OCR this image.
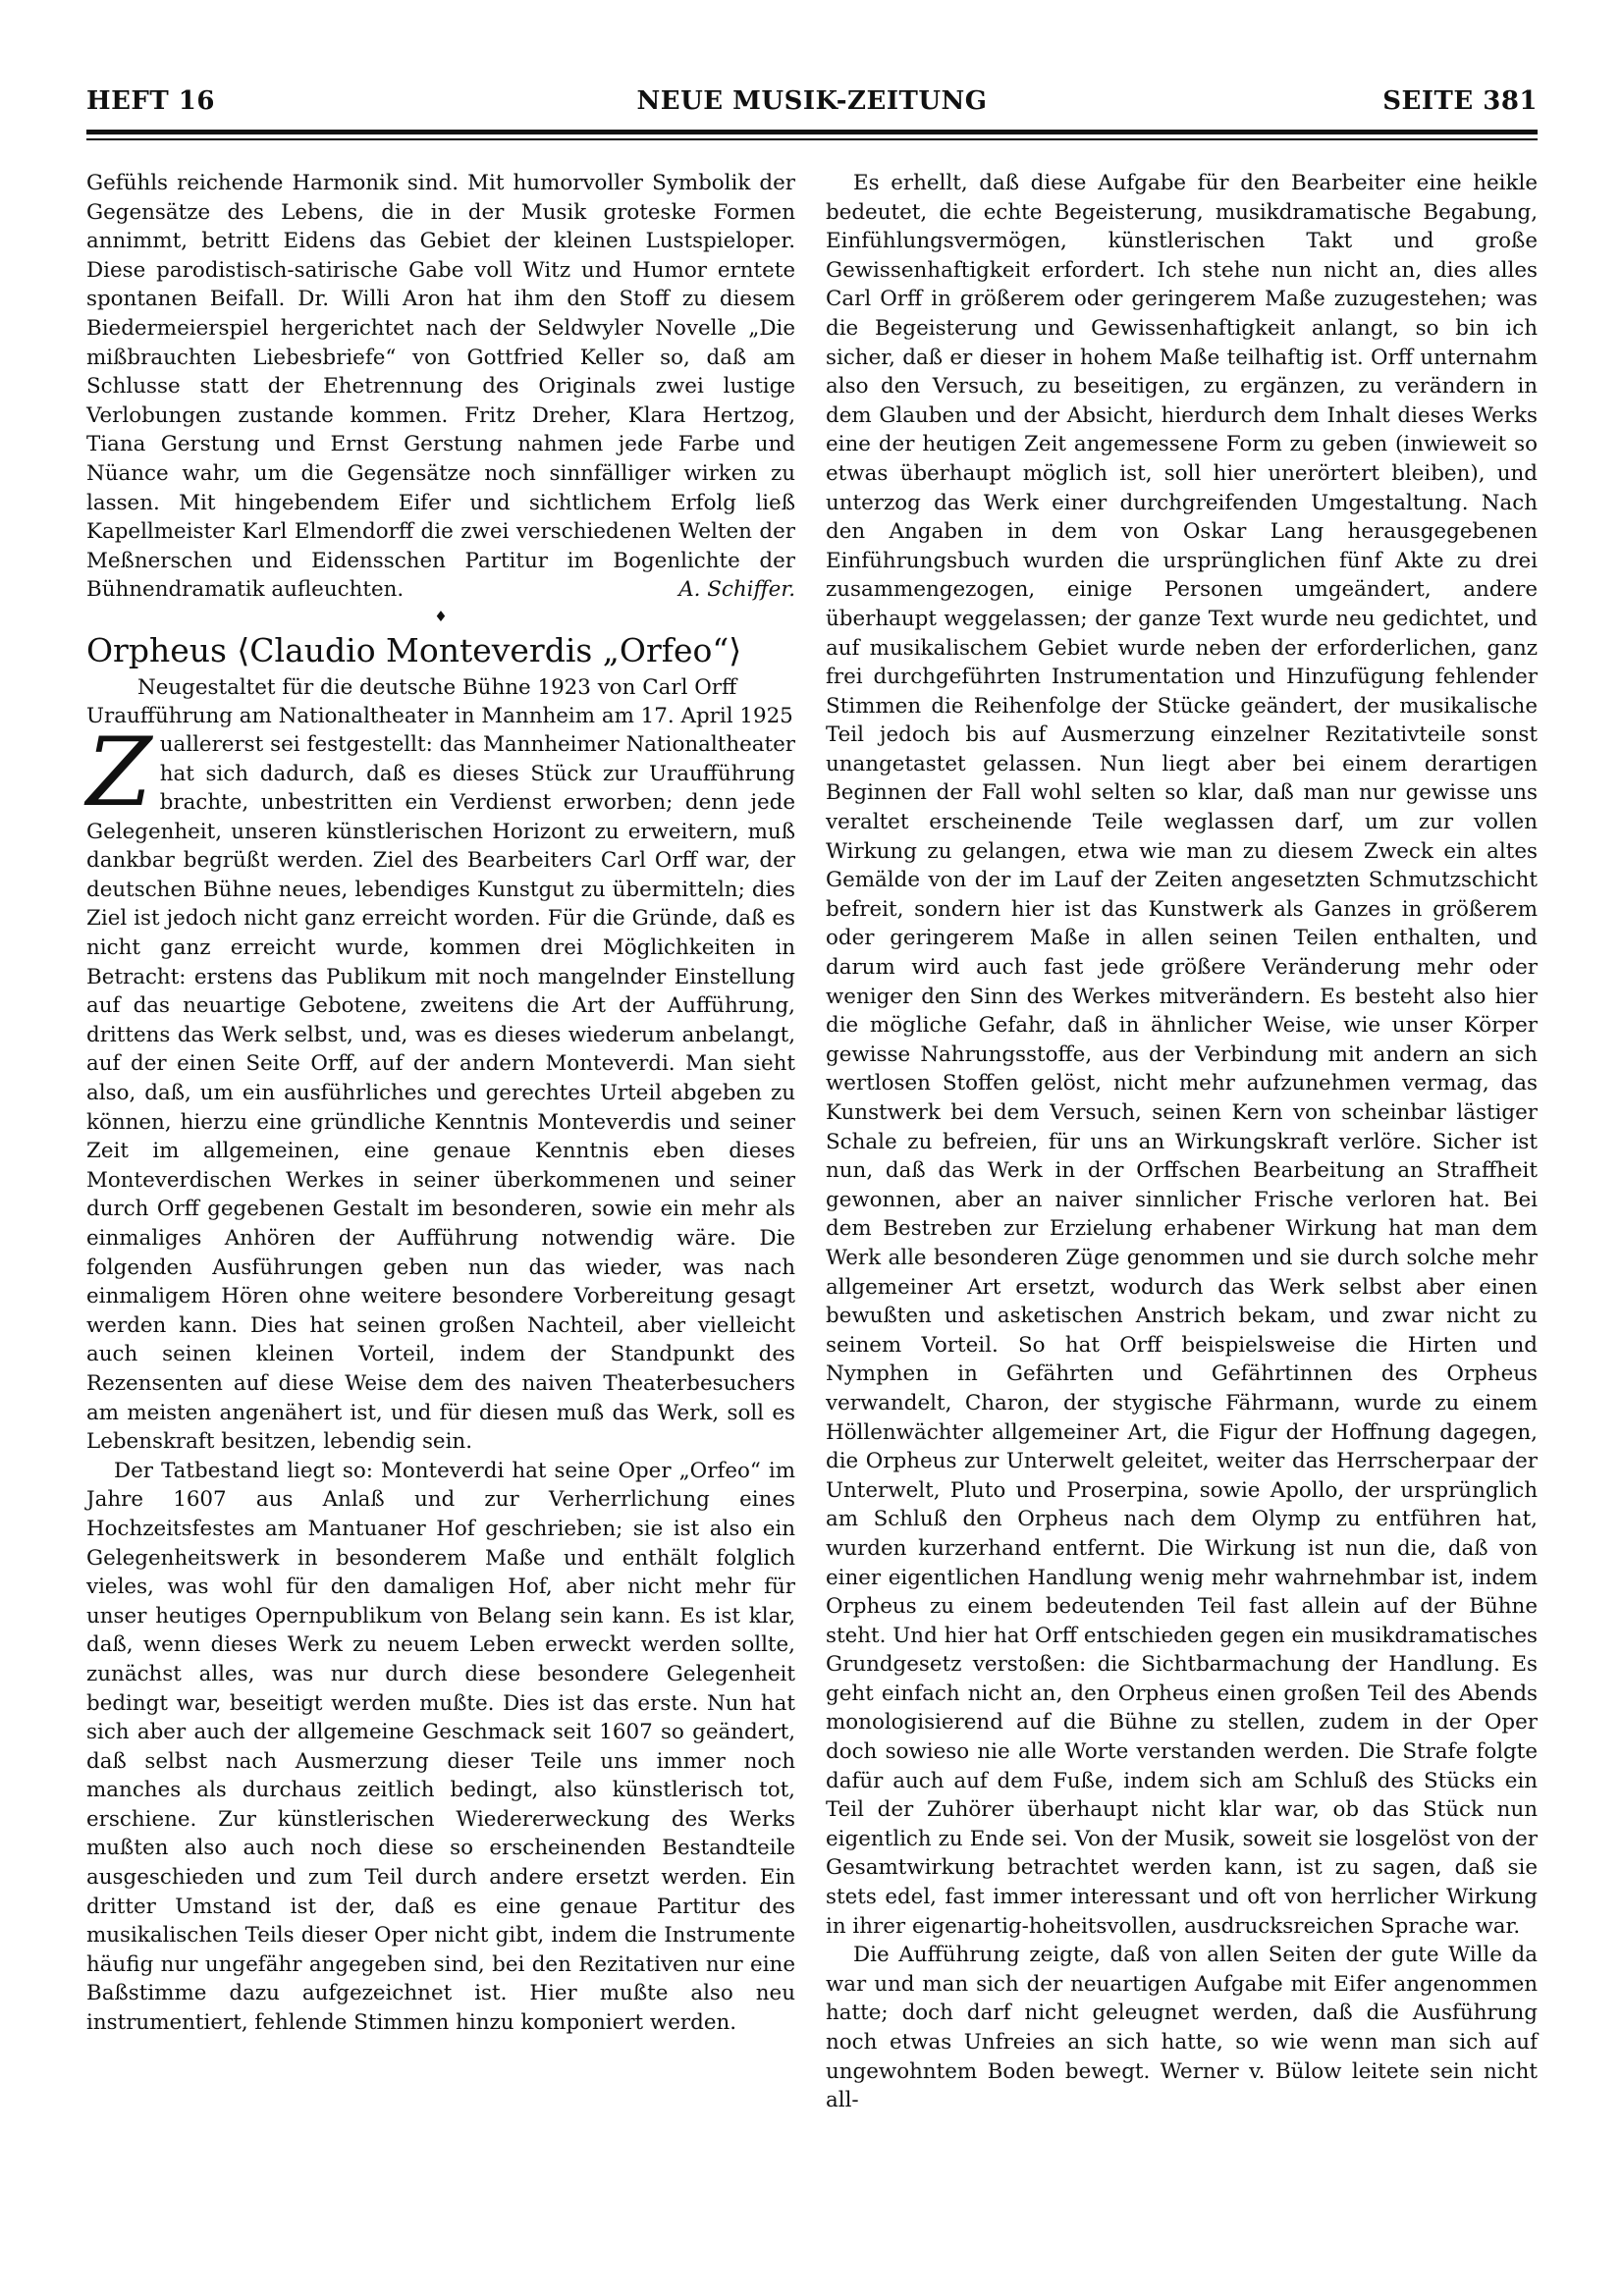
HEFT 16	NEUE MUSIK-ZEITUNG	SEITE 381

Gefühls reichende Harmonik sind. Mit humorvoller Symbolik der Gegensätze des Lebens, die in der Musik groteske Formen annimmt, betritt Eidens das Gebiet der kleinen Lustspieloper. Diese parodistisch-satirische Gabe voll Witz und Humor erntete spontanen Beifall. Dr. Willi Aron hat ihm den Stoff zu diesem Biedermeierspiel hergerichtet nach der Seldwyler Novelle „Die mißbrauchten Liebesbriefe“ von Gottfried Keller so, daß am Schlusse statt der Ehetrennung des Originals zwei lustige Verlobungen zustande kommen. Fritz Dreher, Klara Hertzog, Tiana Gerstung und Ernst Gerstung nahmen jede Farbe und Nüance wahr, um die Gegensätze noch sinnfälliger wirken zu lassen. Mit hingebendem Eifer und sichtlichem Erfolg ließ Kapellmeister Karl Elmendorff die zwei verschiedenen Welten der Meßnerschen und Eidensschen Partitur im Bogenlichte der Bühnendramatik aufleuchten.	A. Schiffer.

♦
Orpheus ⟨Claudio Monteverdis „Orfeo“⟩

Neugestaltet für die deutsche Bühne 1923 von Carl Orff

Uraufführung am Nationaltheater in Mannheim am 17. April 1925

Zuallererst sei festgestellt: das Mannheimer Nationaltheater hat sich dadurch, daß es dieses Stück zur Uraufführung brachte, unbestritten ein Verdienst erworben; denn jede Gelegenheit, unseren künstlerischen Horizont zu erweitern, muß dankbar begrüßt werden. Ziel des Bearbeiters Carl Orff war, der deutschen Bühne neues, lebendiges Kunstgut zu übermitteln; dies Ziel ist jedoch nicht ganz erreicht worden. Für die Gründe, daß es nicht ganz erreicht wurde, kommen drei Möglichkeiten in Betracht: erstens das Publikum mit noch mangelnder Einstellung auf das neuartige Gebotene, zweitens die Art der Aufführung, drittens das Werk selbst, und, was es dieses wiederum anbelangt, auf der einen Seite Orff, auf der andern Monteverdi. Man sieht also, daß, um ein ausführliches und gerechtes Urteil abgeben zu können, hierzu eine gründliche Kenntnis Monteverdis und seiner Zeit im allgemeinen, eine genaue Kenntnis eben dieses Monteverdischen Werkes in seiner überkommenen und seiner durch Orff gegebenen Gestalt im besonderen, sowie ein mehr als einmaliges Anhören der Aufführung notwendig wäre. Die folgenden Ausführungen geben nun das wieder, was nach einmaligem Hören ohne weitere besondere Vorbereitung gesagt werden kann. Dies hat seinen großen Nachteil, aber vielleicht auch seinen kleinen Vorteil, indem der Standpunkt des Rezensenten auf diese Weise dem des naiven Theaterbesuchers am meisten angenähert ist, und für diesen muß das Werk, soll es Lebenskraft besitzen, lebendig sein.

Der Tatbestand liegt so: Monteverdi hat seine Oper „Orfeo“ im Jahre 1607 aus Anlaß und zur Verherrlichung eines Hochzeitsfestes am Mantuaner Hof geschrieben; sie ist also ein Gelegenheitswerk in besonderem Maße und enthält folglich vieles, was wohl für den damaligen Hof, aber nicht mehr für unser heutiges Opernpublikum von Belang sein kann. Es ist klar, daß, wenn dieses Werk zu neuem Leben erweckt werden sollte, zunächst alles, was nur durch diese besondere Gelegenheit bedingt war, beseitigt werden mußte. Dies ist das erste. Nun hat sich aber auch der allgemeine Geschmack seit 1607 so geändert, daß selbst nach Ausmerzung dieser Teile uns immer noch manches als durchaus zeitlich bedingt, also künstlerisch tot, erschiene. Zur künstlerischen Wiedererweckung des Werks mußten also auch noch diese so erscheinenden Bestandteile ausgeschieden und zum Teil durch andere ersetzt werden. Ein dritter Umstand ist der, daß es eine genaue Partitur des musikalischen Teils dieser Oper nicht gibt, indem die Instrumente häufig nur ungefähr angegeben sind, bei den Rezitativen nur eine Baßstimme dazu aufgezeichnet ist. Hier mußte also neu instrumentiert, fehlende Stimmen hinzu komponiert werden.

Es erhellt, daß diese Aufgabe für den Bearbeiter eine heikle bedeutet, die echte Begeisterung, musikdramatische Begabung, Einfühlungsvermögen, künstlerischen Takt und große Gewissenhaftigkeit erfordert. Ich stehe nun nicht an, dies alles Carl Orff in größerem oder geringerem Maße zuzugestehen; was die Begeisterung und Gewissenhaftigkeit anlangt, so bin ich sicher, daß er dieser in hohem Maße teilhaftig ist. Orff unternahm also den Versuch, zu beseitigen, zu ergänzen, zu verändern in dem Glauben und der Absicht, hierdurch dem Inhalt dieses Werks eine der heutigen Zeit angemessene Form zu geben (inwieweit so etwas überhaupt möglich ist, soll hier unerörtert bleiben), und unterzog das Werk einer durchgreifenden Umgestaltung. Nach den Angaben in dem von Oskar Lang herausgegebenen Einführungsbuch wurden die ursprünglichen fünf Akte zu drei zusammengezogen, einige Personen umgeändert, andere überhaupt weggelassen; der ganze Text wurde neu gedichtet, und auf musikalischem Gebiet wurde neben der erforderlichen, ganz frei durchgeführten Instrumentation und Hinzufügung fehlender Stimmen die Reihenfolge der Stücke geändert, der musikalische Teil jedoch bis auf Ausmerzung einzelner Rezitativteile sonst unangetastet gelassen. Nun liegt aber bei einem derartigen Beginnen der Fall wohl selten so klar, daß man nur gewisse uns veraltet erscheinende Teile weglassen darf, um zur vollen Wirkung zu gelangen, etwa wie man zu diesem Zweck ein altes Gemälde von der im Lauf der Zeiten angesetzten Schmutzschicht befreit, sondern hier ist das Kunstwerk als Ganzes in größerem oder geringerem Maße in allen seinen Teilen enthalten, und darum wird auch fast jede größere Veränderung mehr oder weniger den Sinn des Werkes mitverändern. Es besteht also hier die mögliche Gefahr, daß in ähnlicher Weise, wie unser Körper gewisse Nahrungsstoffe, aus der Verbindung mit andern an sich wertlosen Stoffen gelöst, nicht mehr aufzunehmen vermag, das Kunstwerk bei dem Versuch, seinen Kern von scheinbar lästiger Schale zu befreien, für uns an Wirkungskraft verlöre. Sicher ist nun, daß das Werk in der Orffschen Bearbeitung an Straffheit gewonnen, aber an naiver sinnlicher Frische verloren hat. Bei dem Bestreben zur Erzielung erhabener Wirkung hat man dem Werk alle besonderen Züge genommen und sie durch solche mehr allgemeiner Art ersetzt, wodurch das Werk selbst aber einen bewußten und asketischen Anstrich bekam, und zwar nicht zu seinem Vorteil. So hat Orff beispielsweise die Hirten und Nymphen in Gefährten und Gefährtinnen des Orpheus verwandelt, Charon, der stygische Fährmann, wurde zu einem Höllenwächter allgemeiner Art, die Figur der Hoffnung dagegen, die Orpheus zur Unterwelt geleitet, weiter das Herrscherpaar der Unterwelt, Pluto und Proserpina, sowie Apollo, der ursprünglich am Schluß den Orpheus nach dem Olymp zu entführen hat, wurden kurzerhand entfernt. Die Wirkung ist nun die, daß von einer eigentlichen Handlung wenig mehr wahrnehmbar ist, indem Orpheus zu einem bedeutenden Teil fast allein auf der Bühne steht. Und hier hat Orff entschieden gegen ein musikdramatisches Grundgesetz verstoßen: die Sichtbarmachung der Handlung. Es geht einfach nicht an, den Orpheus einen großen Teil des Abends monologisierend auf die Bühne zu stellen, zudem in der Oper doch sowieso nie alle Worte verstanden werden. Die Strafe folgte dafür auch auf dem Fuße, indem sich am Schluß des Stücks ein Teil der Zuhörer überhaupt nicht klar war, ob das Stück nun eigentlich zu Ende sei. Von der Musik, soweit sie losgelöst von der Gesamtwirkung betrachtet werden kann, ist zu sagen, daß sie stets edel, fast immer interessant und oft von herrlicher Wirkung in ihrer eigenartig-hoheitsvollen, ausdrucksreichen Sprache war.

Die Aufführung zeigte, daß von allen Seiten der gute Wille da war und man sich der neuartigen Aufgabe mit Eifer angenommen hatte; doch darf nicht geleugnet werden, daß die Ausführung noch etwas Unfreies an sich hatte, so wie wenn man sich auf ungewohntem Boden bewegt. Werner v. Bülow leitete sein nicht all-
